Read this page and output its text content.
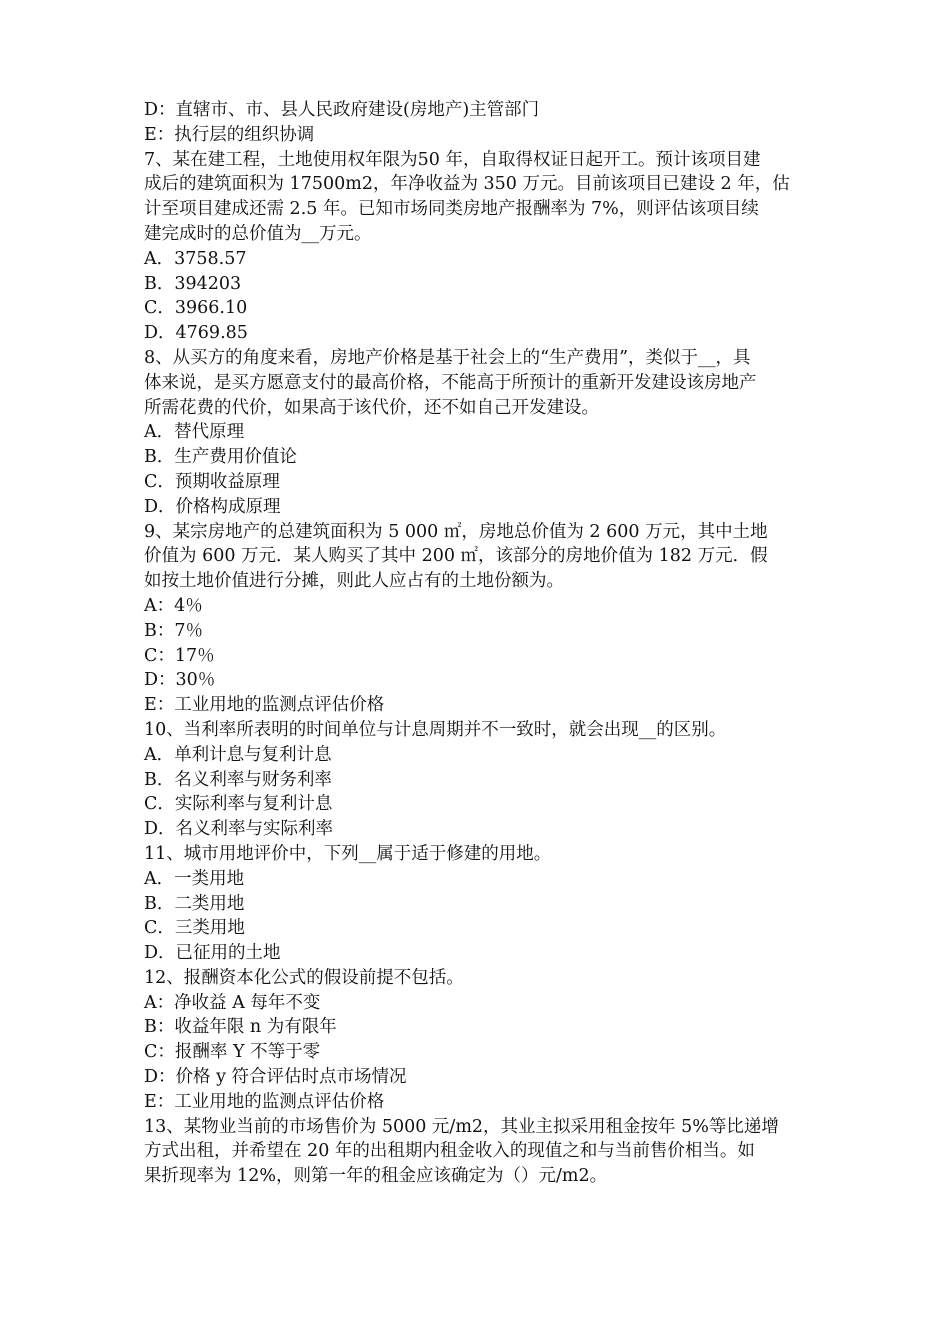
D：直辖市、市、县人民政府建设(房地产)主管部门
E：执行层的组织协调
7、某在建工程，土地使用权年限为50 年，自取得权证日起开工。预计该项目建
成后的建筑面积为 17500m2，年净收益为 350 万元。目前该项目已建设 2 年，估
计至项目建成还需 2.5 年。已知市场同类房地产报酬率为 7%，则评估该项目续
建完成时的总价值为__万元。
A．3758.57
B．394203
C．3966.10
D．4769.85
8、从买方的角度来看，房地产价格是基于社会上的“生产费用”，类似于__，具
体来说，是买方愿意支付的最高价格，不能高于所预计的重新开发建设该房地产
所需花费的代价，如果高于该代价，还不如自己开发建设。
A．替代原理
B．生产费用价值论
C．预期收益原理
D．价格构成原理
9、某宗房地产的总建筑面积为 5 000 ㎡，房地总价值为 2 600 万元，其中土地
价值为 600 万元．某人购买了其中 200 ㎡，该部分的房地价值为 182 万元．假
如按土地价值进行分摊，则此人应占有的土地份额为。
A：4％
B：7％
C：17％
D：30％
E：工业用地的监测点评估价格
10、当利率所表明的时间单位与计息周期并不一致时，就会出现__的区别。
A．单利计息与复利计息
B．名义利率与财务利率
C．实际利率与复利计息
D．名义利率与实际利率
11、城市用地评价中，下列__属于适于修建的用地。
A．一类用地
B．二类用地
C．三类用地
D．已征用的土地
12、报酬资本化公式的假设前提不包括。
A：净收益 A 每年不变
B：收益年限 n 为有限年
C：报酬率 Y 不等于零
D：价格 y 符合评估时点市场情况
E：工业用地的监测点评估价格
13、某物业当前的市场售价为 5000 元/m2，其业主拟采用租金按年 5%等比递增
方式出租，并希望在 20 年的出租期内租金收入的现值之和与当前售价相当。如
果折现率为 12%，则第一年的租金应该确定为（）元/m2。
